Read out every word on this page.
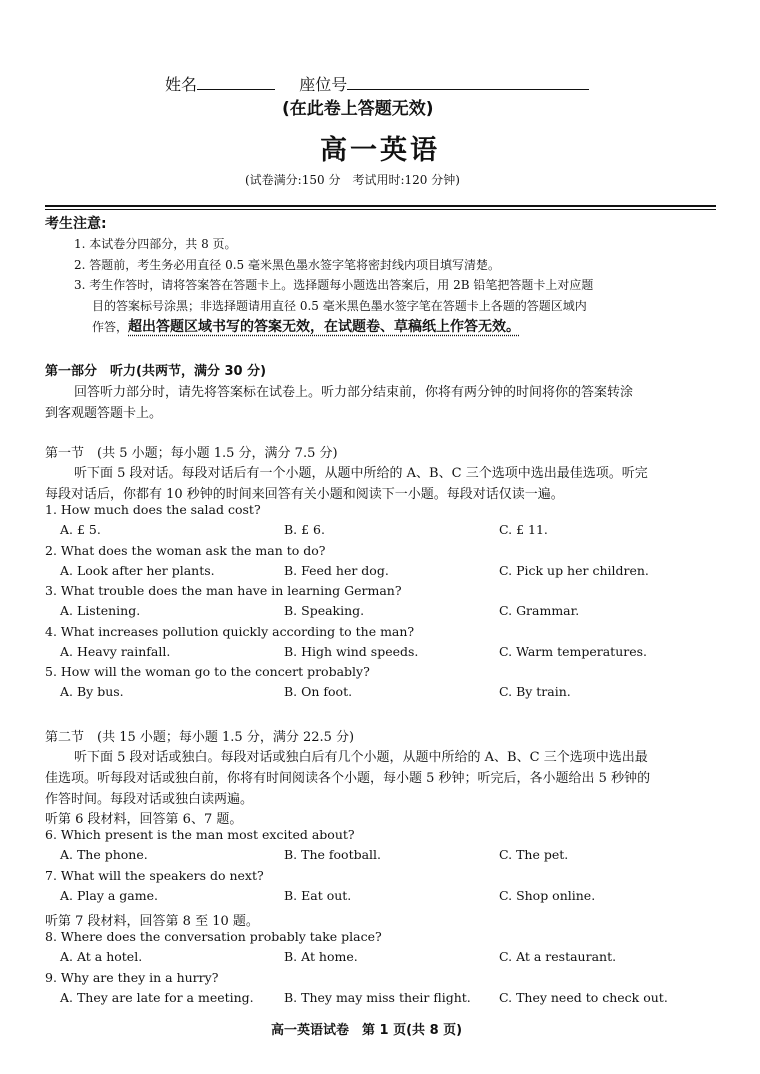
姓名	座位号
(在此卷上答题无效)
高一英语
(试卷满分:150 分　考试用时:120 分钟)
考生注意:
1. 本试卷分四部分，共 8 页。
2. 答题前，考生务必用直径 0.5 毫米黑色墨水签字笔将密封线内项目填写清楚。
3. 考生作答时，请将答案答在答题卡上。选择题每小题选出答案后，用 2B 铅笔把答题卡上对应题
目的答案标号涂黑；非选择题请用直径 0.5 毫米黑色墨水签字笔在答题卡上各题的答题区域内
作答，超出答题区域书写的答案无效，在试题卷、草稿纸上作答无效。
第一部分　听力(共两节，满分 30 分)
回答听力部分时，请先将答案标在试卷上。听力部分结束前，你将有两分钟的时间将你的答案转涂
到客观题答题卡上。
第一节　(共 5 小题；每小题 1.5 分，满分 7.5 分)
听下面 5 段对话。每段对话后有一个小题，从题中所给的 A、B、C 三个选项中选出最佳选项。听完
每段对话后，你都有 10 秒钟的时间来回答有关小题和阅读下一小题。每段对话仅读一遍。
1. How much does the salad cost?
A. £ 5.	B. £ 6.	C. £ 11.
2. What does the woman ask the man to do?
A. Look after her plants.	B. Feed her dog.	C. Pick up her children.
3. What trouble does the man have in learning German?
A. Listening.	B. Speaking.	C. Grammar.
4. What increases pollution quickly according to the man?
A. Heavy rainfall.	B. High wind speeds.	C. Warm temperatures.
5. How will the woman go to the concert probably?
A. By bus.	B. On foot.	C. By train.
第二节　(共 15 小题；每小题 1.5 分，满分 22.5 分)
听下面 5 段对话或独白。每段对话或独白后有几个小题，从题中所给的 A、B、C 三个选项中选出最
佳选项。听每段对话或独白前，你将有时间阅读各个小题，每小题 5 秒钟；听完后，各小题给出 5 秒钟的
作答时间。每段对话或独白读两遍。
听第 6 段材料，回答第 6、7 题。
6. Which present is the man most excited about?
A. The phone.	B. The football.	C. The pet.
7. What will the speakers do next?
A. Play a game.	B. Eat out.	C. Shop online.
听第 7 段材料，回答第 8 至 10 题。
8. Where does the conversation probably take place?
A. At a hotel.	B. At home.	C. At a restaurant.
9. Why are they in a hurry?
A. They are late for a meeting. B. They may miss their flight. C. They need to check out.
高一英语试卷　第 1 页(共 8 页)
